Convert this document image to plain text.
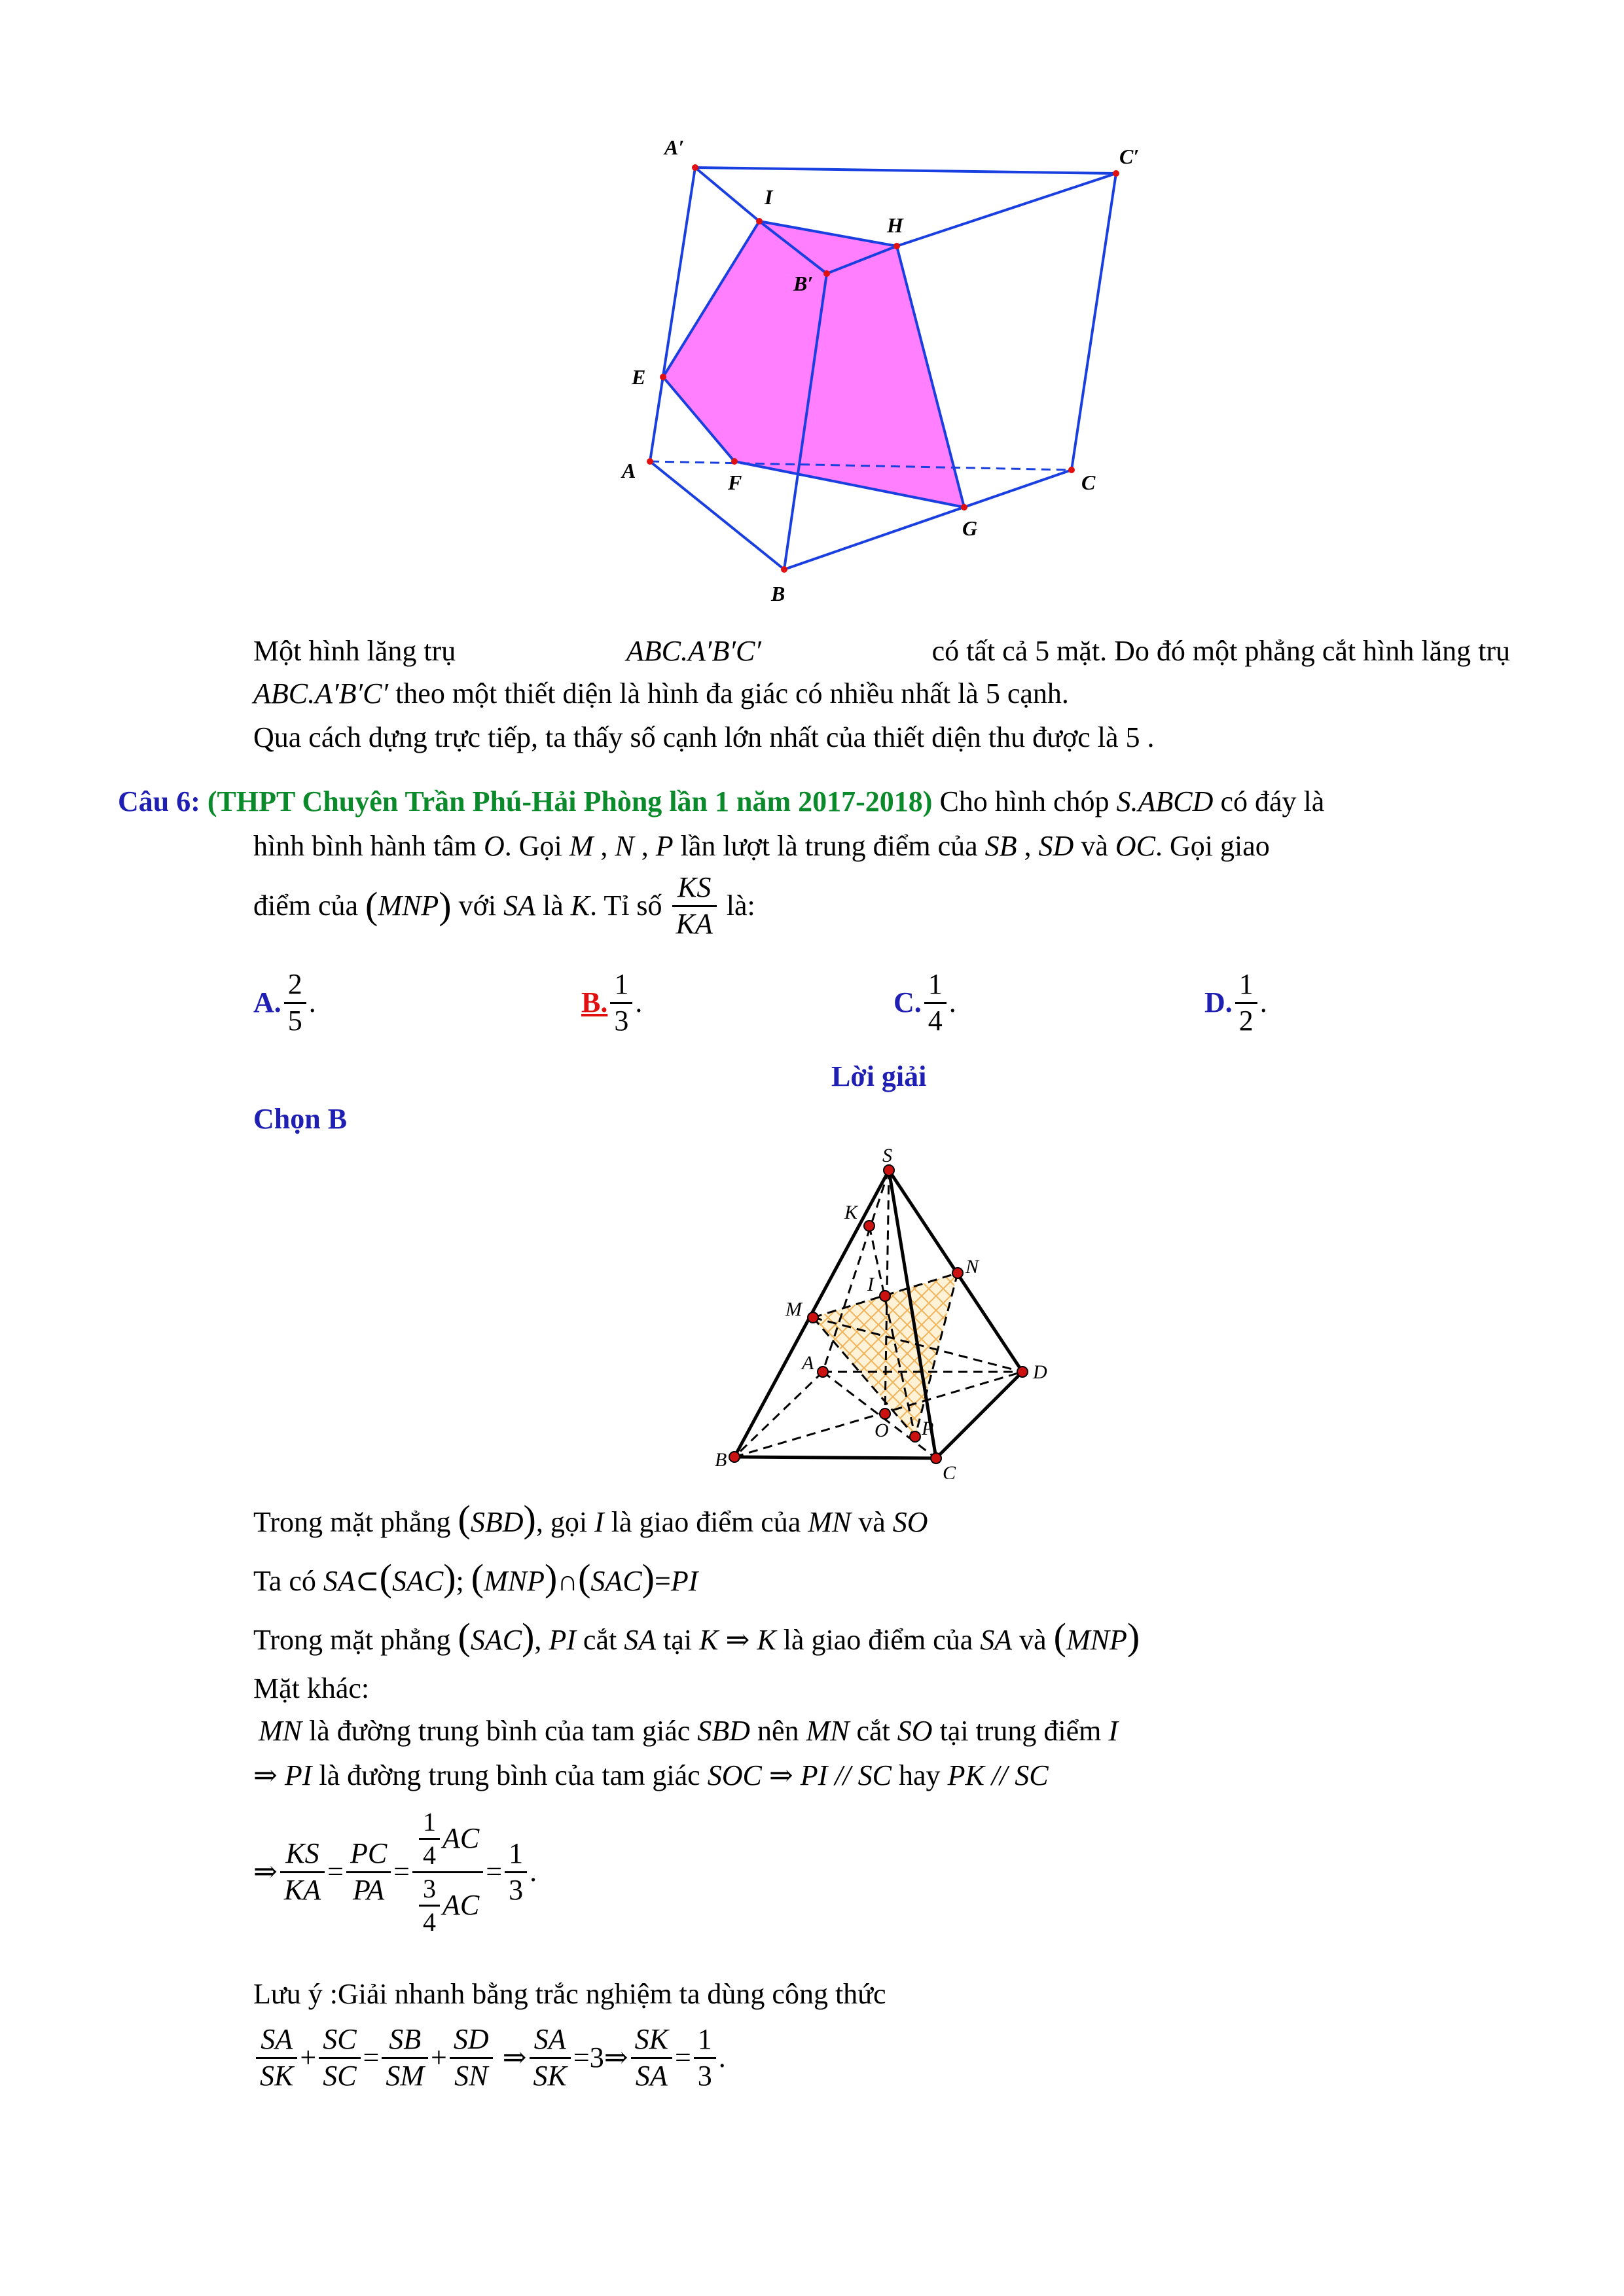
A′	C′
I
H
B′
E
A	F	C
G
B
Một hình lăng trụ	ABC.A′B′C′	có tất cả 5 mặt. Do đó một phẳng cắt hình lăng trụ
ABC.A′B′C′ theo một thiết diện là hình đa giác có nhiều nhất là 5 cạnh.
Qua cách dựng trực tiếp, ta thấy số cạnh lớn nhất của thiết diện thu được là 5 .
Câu 6: (THPT Chuyên Trần Phú-Hải Phòng lần 1 năm 2017-2018) Cho hình chóp S.ABCD có đáy là
hình bình hành tâm O. Gọi M , N , P lần lượt là trung điểm của SB , SD và OC. Gọi giao
điểm của
( MNP )
với
SA
là
K . Tỉ số
$\frac{KS}{KA}$
là:
A. $\frac{2}{5}$ .	B. $\frac{1}{3}$ .	C. $\frac{1}{4}$ .	D. $\frac{1}{2}$ .
Lời giải
Chọn B
S
K
N
I
M
A	D
O P
B
C
Trong mặt phẳng (SBD), gọi I là giao điểm của MN và SO
Ta có SA⊂(SAC); (MNP)∩(SAC)=PI
Trong mặt phẳng (SAC), PI cắt SA tại K ⇒ K là giao điểm của SA và (MNP)
Mặt khác:
MN là đường trung bình của tam giác SBD nên MN cắt SO tại trung điểm I
⇒ PI là đường trung bình của tam giác SOC ⇒ PI // SC hay PK // SC
⇒ $\frac{KS}{KA} = \frac{PC}{PA} = \frac{\frac{1}{4} AC}{\frac{3}{4} AC} = \frac{1}{3}$ .
Lưu ý :Giải nhanh bằng trắc nghiệm ta dùng công thức
$\frac{SA}{SK} + \frac{SC}{SC} = \frac{SB}{SM} + \frac{SD}{SN}$
⇒ $\frac{SA}{SK} = 3$ ⇒ $\frac{SK}{SA} = \frac{1}{3}$ .
